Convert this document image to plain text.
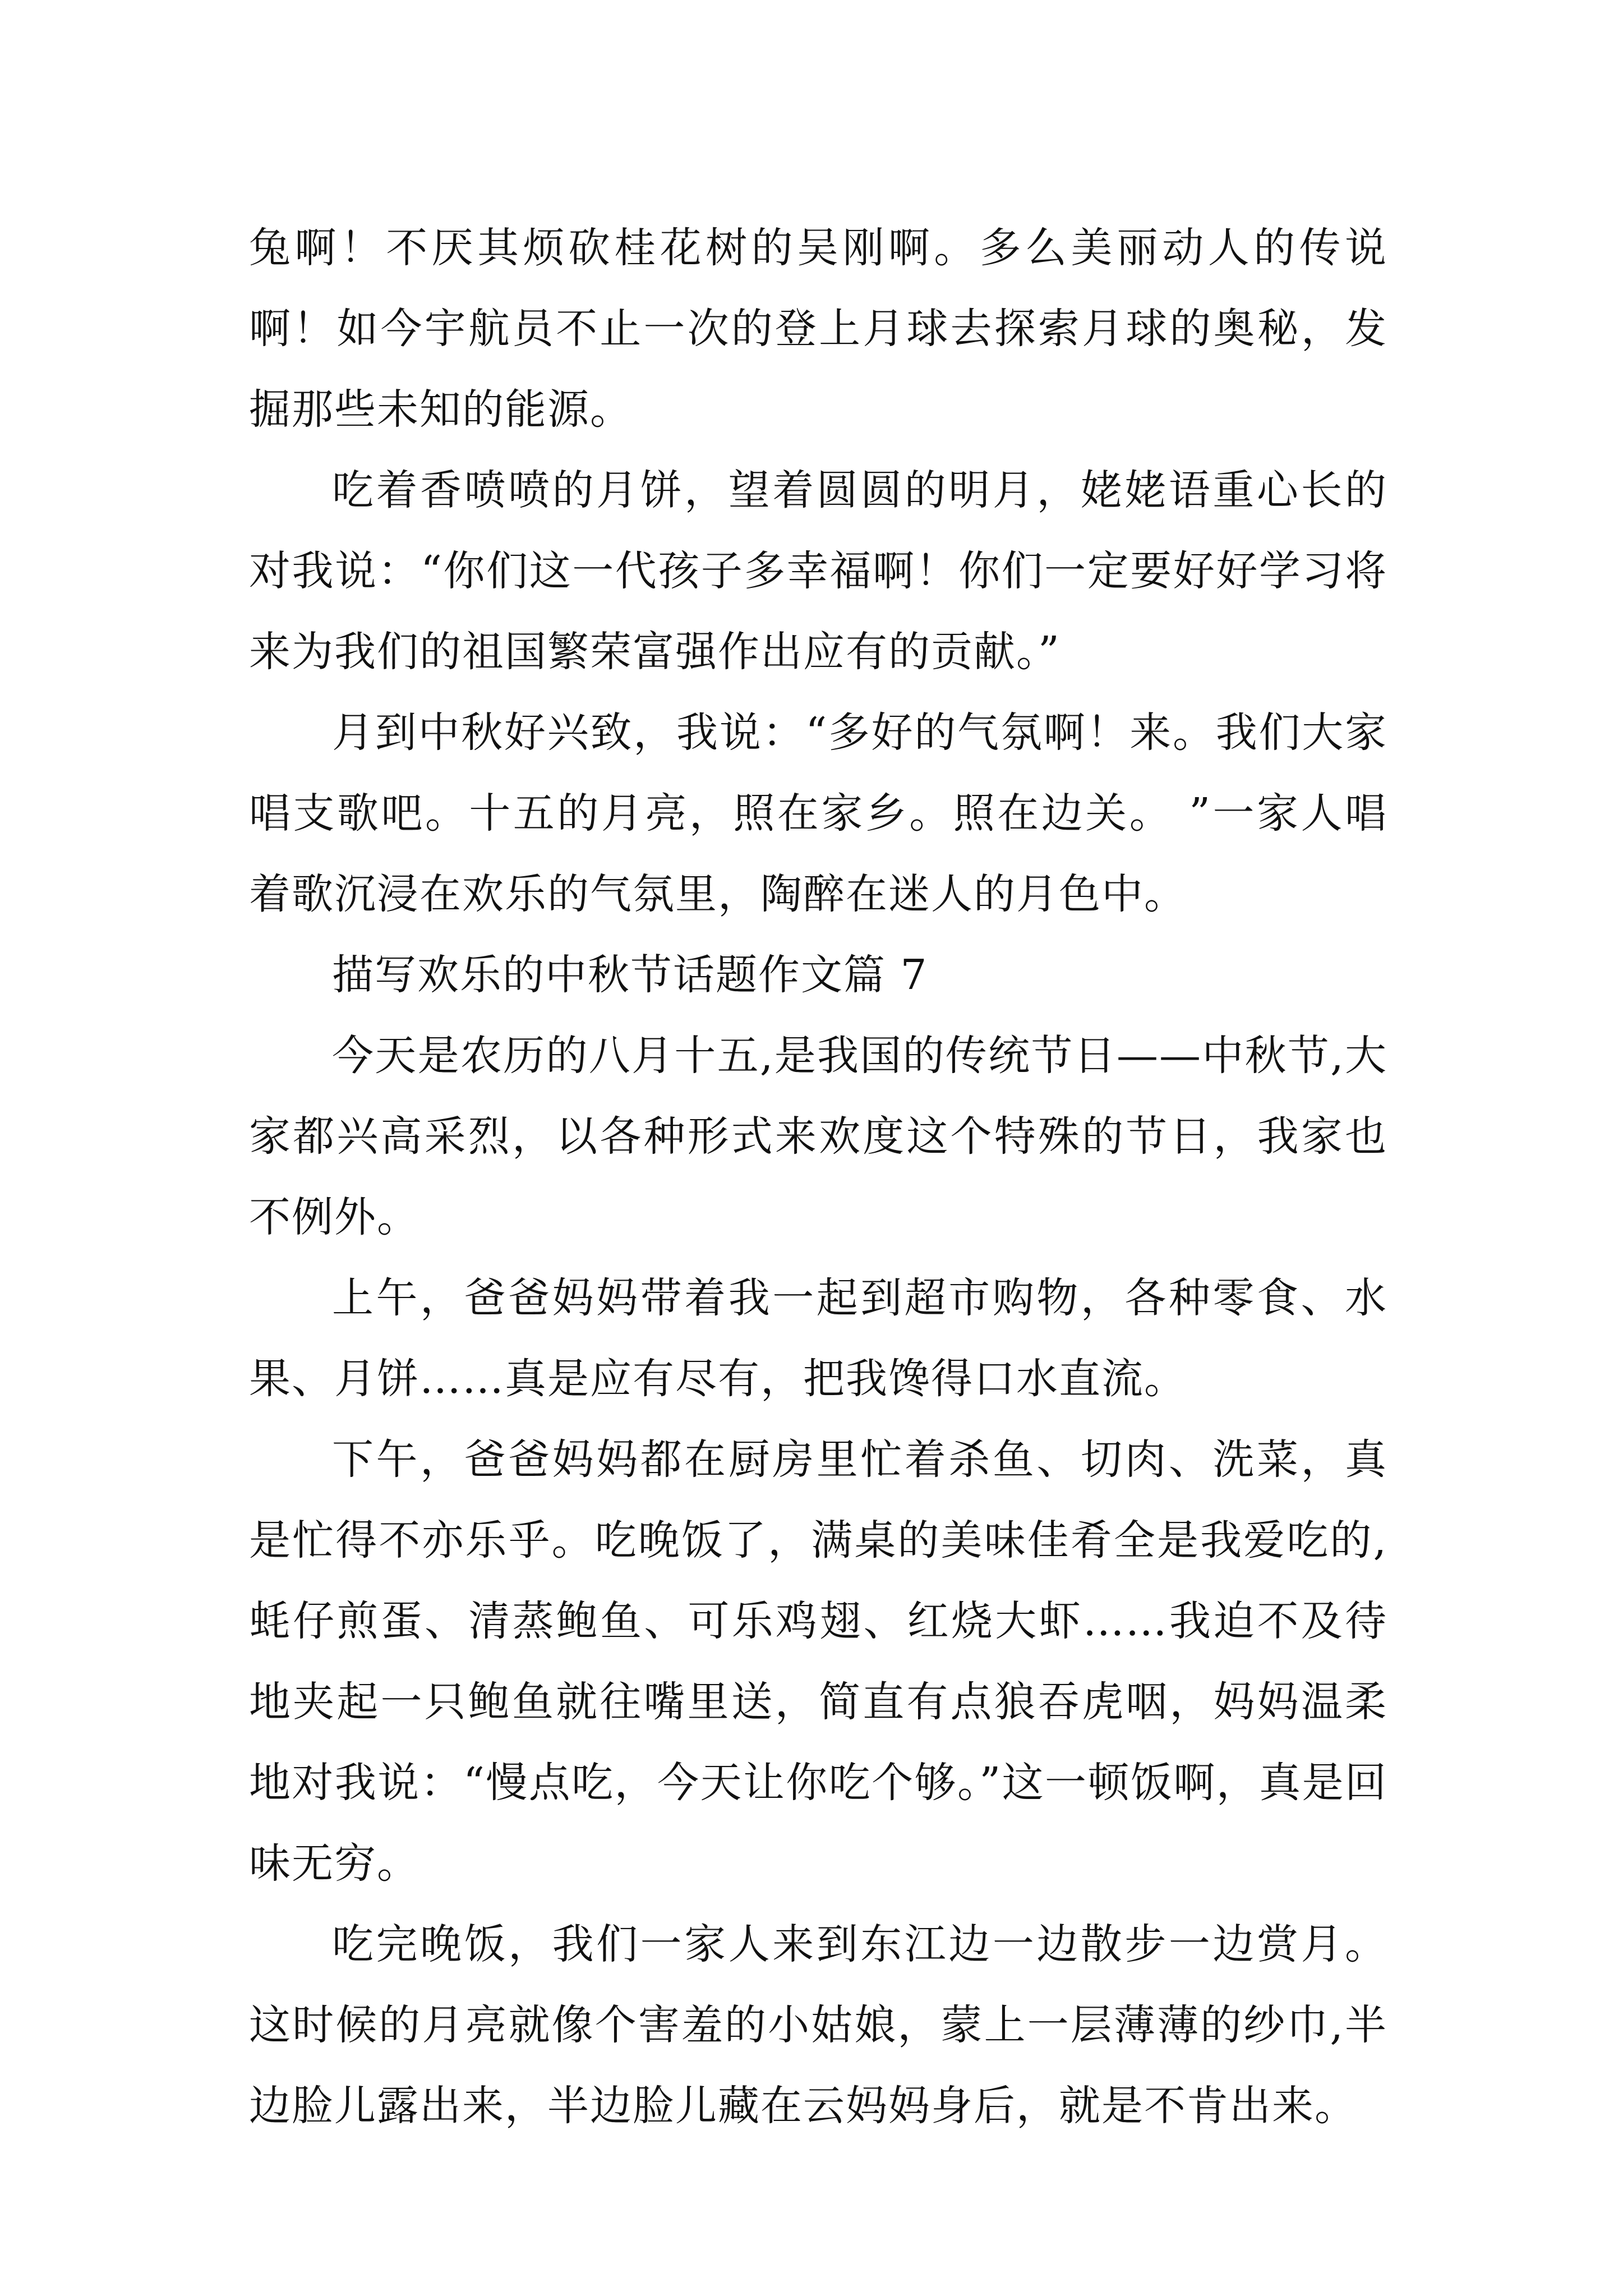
兔啊！不厌其烦砍桂花树的吴刚啊。多么美丽动人的传说啊！如今宇航员不止一次的登上月球去探索月球的奥秘，发掘那些未知的能源。

吃着香喷喷的月饼，望着圆圆的明月，姥姥语重心长的对我说：“你们这一代孩子多幸福啊！你们一定要好好学习将来为我们的祖国繁荣富强作出应有的贡献。”

月到中秋好兴致，我说：“多好的气氛啊！来。我们大家唱支歌吧。十五的月亮，照在家乡。照在边关。 ”一家人唱着歌沉浸在欢乐的气氛里，陶醉在迷人的月色中。

描写欢乐的中秋节话题作文篇 7

今天是农历的八月十五,是我国的传统节日——中秋节,大家都兴高采烈，以各种形式来欢度这个特殊的节日，我家也不例外。

上午，爸爸妈妈带着我一起到超市购物，各种零食、水果、月饼……真是应有尽有，把我馋得口水直流。

下午，爸爸妈妈都在厨房里忙着杀鱼、切肉、洗菜，真是忙得不亦乐乎。吃晚饭了，满桌的美味佳肴全是我爱吃的,蚝仔煎蛋、清蒸鲍鱼、可乐鸡翅、红烧大虾……我迫不及待地夹起一只鲍鱼就往嘴里送，简直有点狼吞虎咽，妈妈温柔地对我说：“慢点吃，今天让你吃个够。”这一顿饭啊，真是回味无穷。

吃完晚饭，我们一家人来到东江边一边散步一边赏月。这时候的月亮就像个害羞的小姑娘，蒙上一层薄薄的纱巾,半边脸儿露出来，半边脸儿藏在云妈妈身后，就是不肯出来。
